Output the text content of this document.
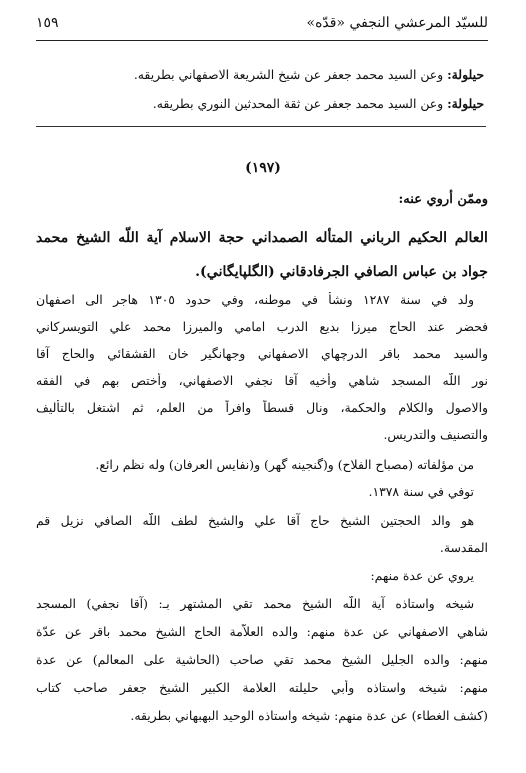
للسيّد المرعشي النجفي «قدّه»
١٥٩
حيلولة: وعن السيد محمد جعفر عن شيخ الشريعة الاصفهاني بطريقه.
حيلولة: وعن السيد محمد جعفر عن ثقة المحدثين النوري بطريقه.
(١٩٧)
وممّن أروي عنه:
العالم الحكيم الرباني المتأله الصمداني حجة الاسلام آية اللّه الشيخ محمد
جواد بن عباس الصافي الجرفادقاني (الگلپايگاني).
ولد في سنة ١٢٨٧ ونشأ في موطنه، وفي حدود ١٣٠٥ هاجر الى اصفهان
فحضر عند الحاج ميرزا بديع الدرب امامي والميرزا محمد علي التويسركاني
والسيد محمد باقر الدرچهاي الاصفهاني وجهانگير خان القشقائي والحاج آقا
نور اللّه المسجد شاهي وأخيه آقا نجفي الاصفهاني، وأختص بهم في الفقه
والاصول والكلام والحكمة، ونال قسطاً وافراً من العلم، ثم اشتغل بالتأليف
والتصنيف والتدريس.
من مؤلفاته (مصباح الفلاح) و(گنجينه گهر) و(نفايس العرفان) وله نظم رائع.
توفي في سنة ١٣٧٨.
هو والد الحجتين الشيخ حاج آقا علي والشيخ لطف اللّه الصافي نزيل قم
المقدسة.
يروي عن عدة منهم:
شيخه واستاذه آية اللّه الشيخ محمد تقي المشتهر بـ: (آقا نجفي) المسجد
شاهي الاصفهاني عن عدة منهم: والده العلاّمة الحاج الشيخ محمد باقر عن عدّة
منهم: والده الجليل الشيخ محمد تقي صاحب (الحاشية على المعالم) عن عدة
منهم: شيخه واستاذه وأبي حليلته العلامة الكبير الشيخ جعفر صاحب كتاب
(كشف الغطاء) عن عدة منهم: شيخه واستاذه الوحيد البهبهاني بطريقه.
